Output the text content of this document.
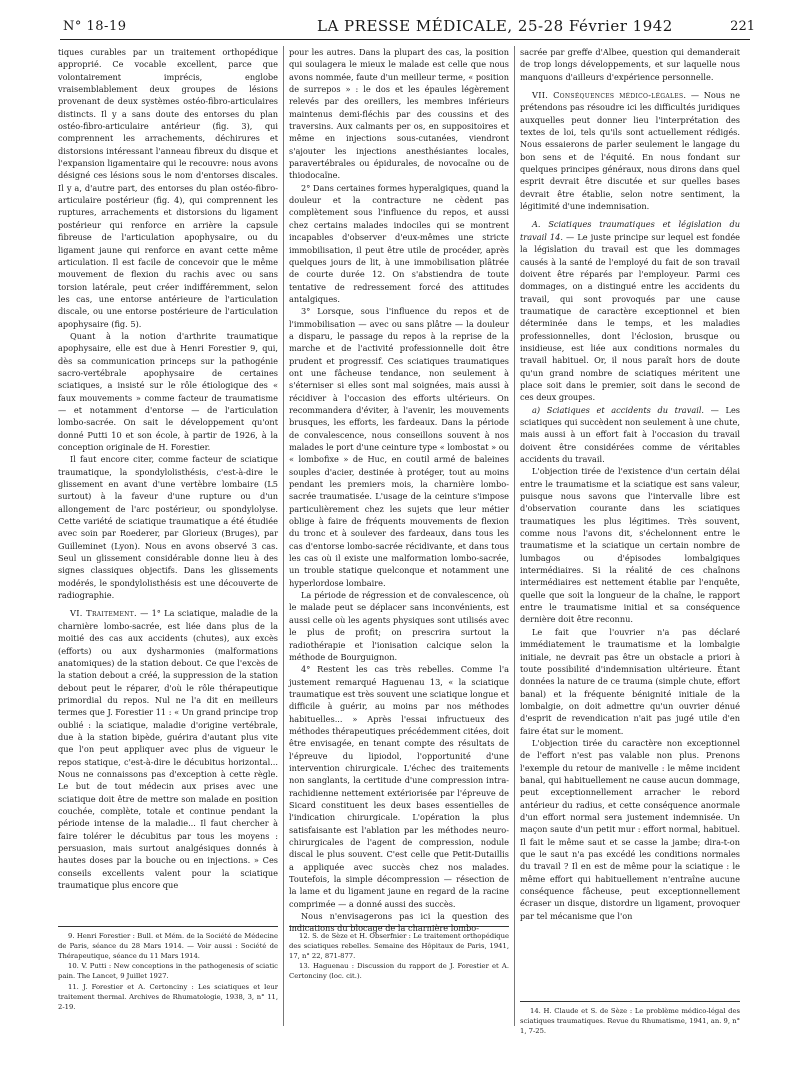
N° 18-19	LA PRESSE MÉDICALE, 25-28 Février 1942	221

tiques curables par un traitement orthopédique approprié. Ce vocable excellent, parce que volontairement imprécis, englobe vraisemblablement deux groupes de lésions provenant de deux systèmes ostéo-fibro-articulaires distincts. Il y a sans doute des entorses du plan ostéo-fibro-articulaire antérieur (fig. 3), qui comprennent les arrachements, déchirures et distorsions intéressant l'anneau fibreux du disque et l'expansion ligamentaire qui le recouvre: nous avons désigné ces lésions sous le nom d'entorses discales. Il y a, d'autre part, des entorses du plan ostéo-fibro-articulaire postérieur (fig. 4), qui comprennent les ruptures, arrachements et distorsions du ligament postérieur qui renforce en arrière la capsule fibreuse de l'articulation apophysaire, ou du ligament jaune qui renforce en avant cette même articulation. Il est facile de concevoir que le même mouvement de flexion du rachis avec ou sans torsion latérale, peut créer indifféremment, selon les cas, une entorse antérieure de l'articulation discale, ou une entorse postérieure de l'articulation apophysaire (fig. 5).

Quant à la notion d'arthrite traumatique apophysaire, elle est due à Henri Forestier 9, qui, dès sa communication princeps sur la pathogénie sacro-vertébrale apophysaire de certaines sciatiques, a insisté sur le rôle étiologique des « faux mouvements » comme facteur de traumatisme — et notamment d'entorse — de l'articulation lombo-sacrée. On sait le développement qu'ont donné Putti 10 et son école, à partir de 1926, à la conception originale de H. Forestier.

Il faut encore citer, comme facteur de sciatique traumatique, la spondylolisthésis, c'est-à-dire le glissement en avant d'une vertèbre lombaire (L5 surtout) à la faveur d'une rupture ou d'un allongement de l'arc postérieur, ou spondylolyse. Cette variété de sciatique traumatique a été étudiée avec soin par Roederer, par Glorieux (Bruges), par Guilleminet (Lyon). Nous en avons observé 3 cas. Seul un glissement considérable donne lieu à des signes classiques objectifs. Dans les glissements modérés, le spondylolisthésis est une découverte de radiographie.

VI. Traitement. — 1° La sciatique, maladie de la charnière lombo-sacrée, est liée dans plus de la moitié des cas aux accidents (chutes), aux excès (efforts) ou aux dysharmonies (malformations anatomiques) de la station debout. Ce que l'excès de la station debout a créé, la suppression de la station debout peut le réparer, d'où le rôle thérapeutique primordial du repos. Nul ne l'a dit en meilleurs termes que J. Forestier 11 : « Un grand principe trop oublié : la sciatique, maladie d'origine vertébrale, due à la station bipède, guérira d'autant plus vite que l'on peut appliquer avec plus de vigueur le repos statique, c'est-à-dire le décubitus horizontal... Nous ne connaissons pas d'exception à cette règle. Le but de tout médecin aux prises avec une sciatique doit être de mettre son malade en position couchée, complète, totale et continue pendant la période intense de la maladie... Il faut chercher à faire tolérer le décubitus par tous les moyens : persuasion, mais surtout analgésiques donnés à hautes doses par la bouche ou en injections. » Ces conseils excellents valent pour la sciatique traumatique plus encore que

pour les autres. Dans la plupart des cas, la position qui soulagera le mieux le malade est celle que nous avons nommée, faute d'un meilleur terme, « position de surrepos » : le dos et les épaules légèrement relevés par des oreillers, les membres inférieurs maintenus demi-fléchis par des coussins et des traversins. Aux calmants per os, en suppositoires et même en injections sous-cutanées, viendront s'ajouter les injections anesthésiantes locales, paravertébrales ou épidurales, de novocaïne ou de thiodocaïne.

2° Dans certaines formes hyperalgiques, quand la douleur et la contracture ne cèdent pas complètement sous l'influence du repos, et aussi chez certains malades indociles qui se montrent incapables d'observer d'eux-mêmes une stricte immobilisation, il peut être utile de procéder, après quelques jours de lit, à une immobilisation plâtrée de courte durée 12. On s'abstiendra de toute tentative de redressement forcé des attitudes antalgiques.

3° Lorsque, sous l'influence du repos et de l'immobilisation — avec ou sans plâtre — la douleur a disparu, le passage du repos à la reprise de la marche et de l'activité professionnelle doit être prudent et progressif. Ces sciatiques traumatiques ont une fâcheuse tendance, non seulement à s'éterniser si elles sont mal soignées, mais aussi à récidiver à l'occasion des efforts ultérieurs. On recommandera d'éviter, à l'avenir, les mouvements brusques, les efforts, les fardeaux. Dans la période de convalescence, nous conseillons souvent à nos malades le port d'une ceinture type « lombostat » ou « lombofixe » de Huc, en coutil armé de baleines souples d'acier, destinée à protéger, tout au moins pendant les premiers mois, la charnière lombo-sacrée traumatisée. L'usage de la ceinture s'impose particulièrement chez les sujets que leur métier oblige à faire de fréquents mouvements de flexion du tronc et à soulever des fardeaux, dans tous les cas d'entorse lombo-sacrée récidivante, et dans tous les cas où il existe une malformation lombo-sacrée, un trouble statique quelconque et notamment une hyperlordose lombaire.

La période de régression et de convalescence, où le malade peut se déplacer sans inconvénients, est aussi celle où les agents physiques sont utilisés avec le plus de profit; on prescrira surtout la radiothérapie et l'ionisation calcique selon la méthode de Bourguignon.

4° Restent les cas très rebelles. Comme l'a justement remarqué Haguenau 13, « la sciatique traumatique est très souvent une sciatique longue et difficile à guérir, au moins par nos méthodes habituelles... » Après l'essai infructueux des méthodes thérapeutiques précédemment citées, doit être envisagée, en tenant compte des résultats de l'épreuve du lipiodol, l'opportunité d'une intervention chirurgicale. L'échec des traitements non sanglants, la certitude d'une compression intra-rachidienne nettement extériorisée par l'épreuve de Sicard constituent les deux bases essentielles de l'indication chirurgicale. L'opération la plus satisfaisante est l'ablation par les méthodes neuro-chirurgicales de l'agent de compression, nodule discal le plus souvent. C'est celle que Petit-Dutaillis a appliquée avec succès chez nos malades. Toutefois, la simple décompression — résection de la lame et du ligament jaune en regard de la racine comprimée — a donné aussi des succès.

Nous n'envisagerons pas ici la question des indications du blocage de la charnière lombo-

sacrée par greffe d'Albee, question qui demanderait de trop longs développements, et sur laquelle nous manquons d'ailleurs d'expérience personnelle.

VII. Conséquences médico-légales. — Nous ne prétendons pas résoudre ici les difficultés juridiques auxquelles peut donner lieu l'interprétation des textes de loi, tels qu'ils sont actuellement rédigés. Nous essaierons de parler seulement le langage du bon sens et de l'équité. En nous fondant sur quelques principes généraux, nous dirons dans quel esprit devrait être discutée et sur quelles bases devrait être établie, selon notre sentiment, la légitimité d'une indemnisation.

A. Sciatiques traumatiques et législation du travail 14. — Le juste principe sur lequel est fondée la législation du travail est que les dommages causés à la santé de l'employé du fait de son travail doivent être réparés par l'employeur. Parmi ces dommages, on a distingué entre les accidents du travail, qui sont provoqués par une cause traumatique de caractère exceptionnel et bien déterminée dans le temps, et les maladies professionnelles, dont l'éclosion, brusque ou insidieuse, est liée aux conditions normales du travail habituel. Or, il nous paraît hors de doute qu'un grand nombre de sciatiques méritent une place soit dans le premier, soit dans le second de ces deux groupes.

a) Sciatiques et accidents du travail. — Les sciatiques qui succèdent non seulement à une chute, mais aussi à un effort fait à l'occasion du travail doivent être considérées comme de véritables accidents du travail.

L'objection tirée de l'existence d'un certain délai entre le traumatisme et la sciatique est sans valeur, puisque nous savons que l'intervalle libre est d'observation courante dans les sciatiques traumatiques les plus légitimes. Très souvent, comme nous l'avons dit, s'échelonnent entre le traumatisme et la sciatique un certain nombre de lumbagos ou d'épisodes lombalgiques intermédiaires. Si la réalité de ces chaînons intermédiaires est nettement établie par l'enquête, quelle que soit la longueur de la chaîne, le rapport entre le traumatisme initial et sa conséquence dernière doit être reconnu.

Le fait que l'ouvrier n'a pas déclaré immédiatement le traumatisme et la lombalgie initiale, ne devrait pas être un obstacle a priori à toute possibilité d'indemnisation ultérieure. Étant données la nature de ce trauma (simple chute, effort banal) et la fréquente bénignité initiale de la lombalgie, on doit admettre qu'un ouvrier dénué d'esprit de revendication n'ait pas jugé utile d'en faire état sur le moment.

L'objection tirée du caractère non exceptionnel de l'effort n'est pas valable non plus. Prenons l'exemple du retour de manivelle : le même incident banal, qui habituellement ne cause aucun dommage, peut exceptionnellement arracher le rebord antérieur du radius, et cette conséquence anormale d'un effort normal sera justement indemnisée. Un maçon saute d'un petit mur : effort normal, habituel. Il fait le même saut et se casse la jambe; dira-t-on que le saut n'a pas excédé les conditions normales du travail ? Il en est de même pour la sciatique : le même effort qui habituellement n'entraîne aucune conséquence fâcheuse, peut exceptionnellement écraser un disque, distordre un ligament, provoquer par tel mécanisme que l'on

9. Henri Forestier : Bull. et Mém. de la Société de Médecine de Paris, séance du 28 Mars 1914. — Voir aussi : Société de Thérapeutique, séance du 11 Mars 1914.

10. V. Putti : New conceptions in the pathogenesis of sciatic pain. The Lancet, 9 Juillet 1927.

11. J. Forestier et A. Certonciny : Les sciatiques et leur traitement thermal. Archives de Rhumatologie, 1938, 3, n° 11, 2-19.

12. S. de Sèze et H. Obserfnier : Le traitement orthopédique des sciatiques rebelles. Semaine des Hôpitaux de Paris, 1941, 17, n° 22, 871-877.

13. Haguenau : Discussion du rapport de J. Forestier et A. Certonciny (loc. cit.).

14. H. Claude et S. de Sèze : Le problème médico-légal des sciatiques traumatiques. Revue du Rhumatisme, 1941, an. 9, n° 1, 7-25.
